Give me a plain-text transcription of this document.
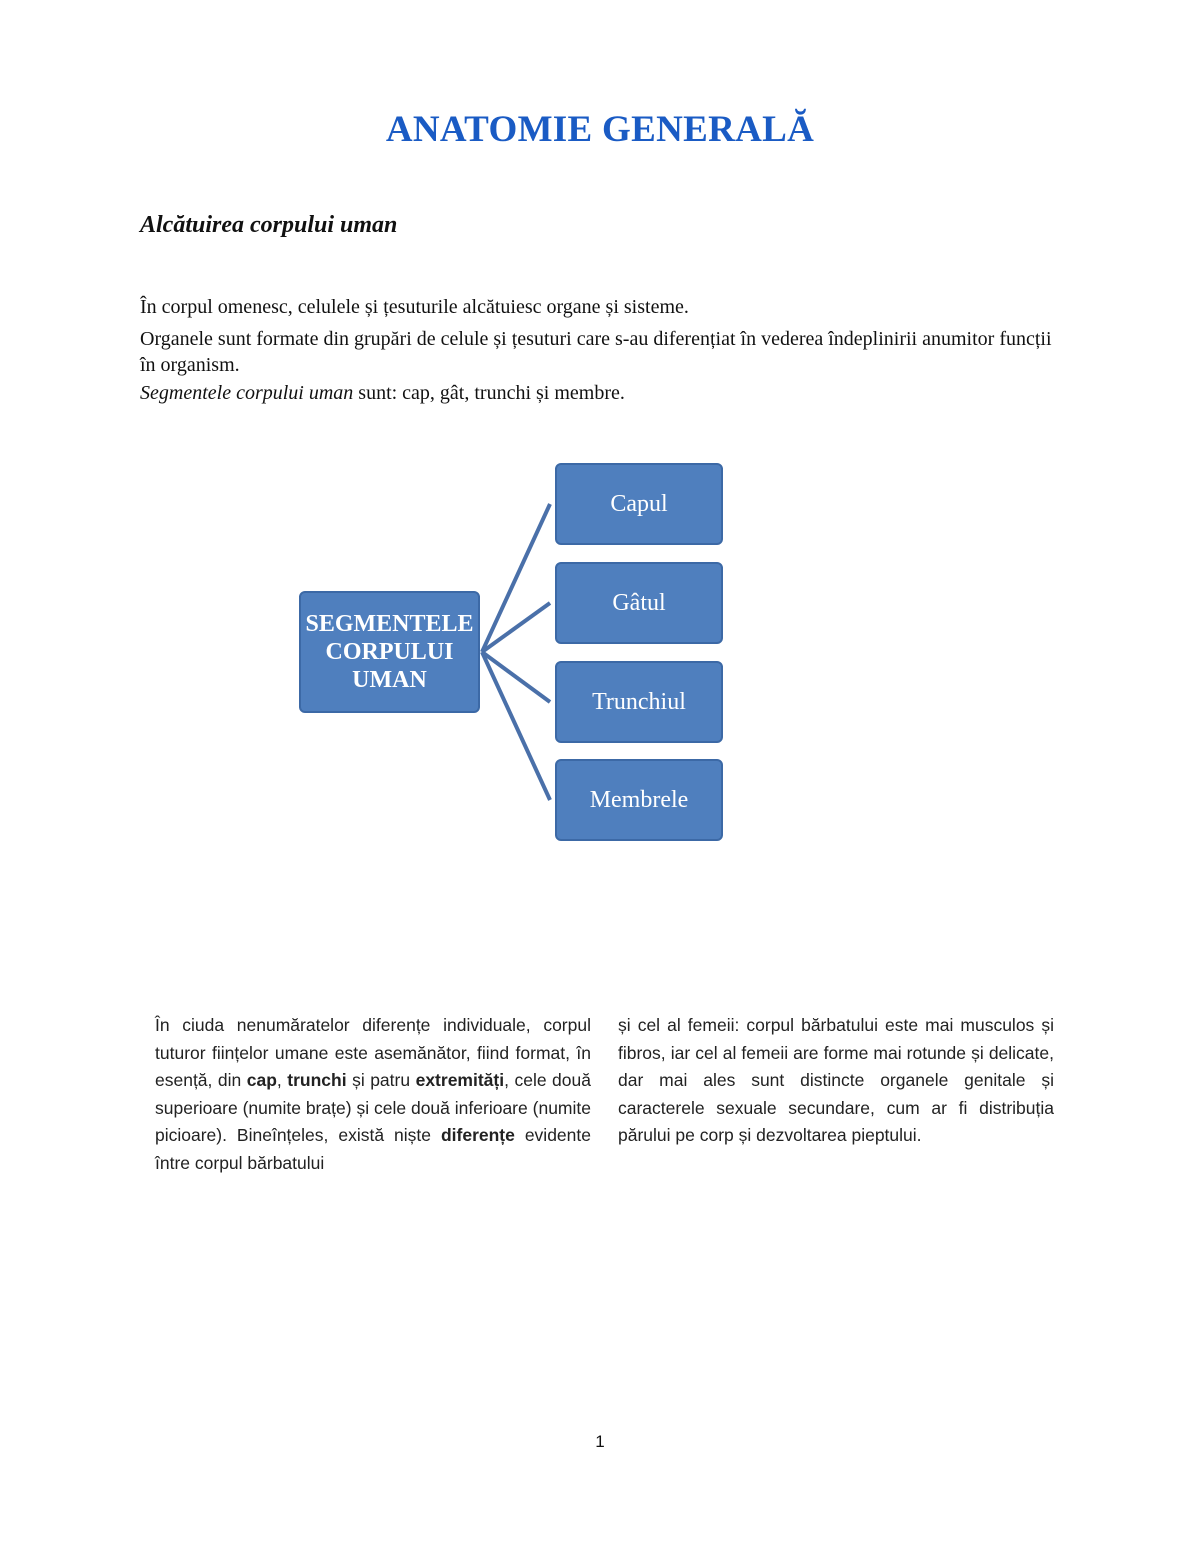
ANATOMIE GENERALĂ
Alcătuirea corpului uman
În corpul omenesc, celulele și țesuturile alcătuiesc organe și sisteme.
Organele sunt formate din grupări de celule și țesuturi care s-au diferențiat în vederea îndeplinirii anumitor funcții în organism.
Segmentele corpului uman sunt: cap, gât, trunchi și membre.
SEGMENTELE CORPULUI UMAN
Capul
Gâtul
Trunchiul
Membrele
În ciuda nenumăratelor diferențe individuale, corpul tuturor ființelor umane este asemănător, fiind format, în esență, din cap, trunchi și patru extremități, cele două superioare (numite brațe) și cele două inferioare (numite picioare). Bineînțeles, există niște diferențe evidente între corpul bărbatului
și cel al femeii: corpul bărbatului este mai musculos și fibros, iar cel al femeii are forme mai rotunde și delicate, dar mai ales sunt distincte organele genitale și caracterele sexuale secundare, cum ar fi distribuția părului pe corp și dezvoltarea pieptului.
1
